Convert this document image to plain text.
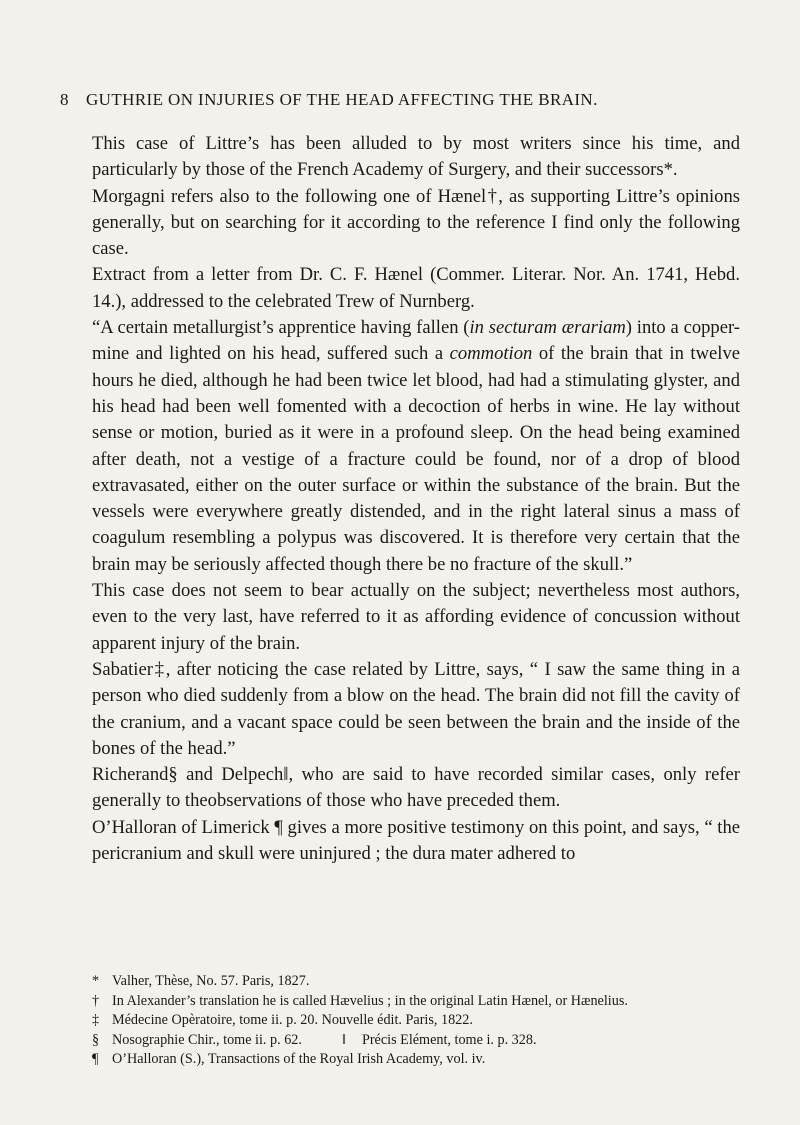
8 GUTHRIE ON INJURIES OF THE HEAD AFFECTING THE BRAIN.

This case of Littre’s has been alluded to by most writers since his time, and particularly by those of the French Academy of Surgery, and their successors*.

Morgagni refers also to the following one of Hænel†, as supporting Littre’s opinions generally, but on searching for it according to the reference I find only the following case.

Extract from a letter from Dr. C. F. Hænel (Commer. Literar. Nor. An. 1741, Hebd. 14.), addressed to the celebrated Trew of Nurnberg.

“A certain metallurgist’s apprentice having fallen (in secturam ærariam) into a copper-mine and lighted on his head, suffered such a commotion of the brain that in twelve hours he died, although he had been twice let blood, had had a stimulating glyster, and his head had been well fomented with a decoction of herbs in wine. He lay without sense or motion, buried as it were in a profound sleep. On the head being examined after death, not a vestige of a fracture could be found, nor of a drop of blood extravasated, either on the outer surface or within the substance of the brain. But the vessels were everywhere greatly distended, and in the right lateral sinus a mass of coagulum resembling a polypus was discovered. It is therefore very certain that the brain may be seriously affected though there be no fracture of the skull.”

This case does not seem to bear actually on the subject; nevertheless most authors, even to the very last, have referred to it as affording evidence of concussion without apparent injury of the brain.

Sabatier‡, after noticing the case related by Littre, says, “ I saw the same thing in a person who died suddenly from a blow on the head. The brain did not fill the cavity of the cranium, and a vacant space could be seen between the brain and the inside of the bones of the head.”

Richerand§ and Delpech‖, who are said to have recorded similar cases, only refer generally to theobservations of those who have preceded them.

O’Halloran of Limerick ¶ gives a more positive testimony on this point, and says, “ the pericranium and skull were uninjured ; the dura mater adhered to

* Valher, Thèse, No. 57. Paris, 1827.
† In Alexander’s translation he is called Hævelius ; in the original Latin Hænel, or Hænelius.
‡ Médecine Opèratoire, tome ii. p. 20. Nouvelle édit. Paris, 1822.
§ Nosographie Chir., tome ii. p. 62.	‖	Précis Elément, tome i. p. 328.
¶ O’Halloran (S.), Transactions of the Royal Irish Academy, vol. iv.
